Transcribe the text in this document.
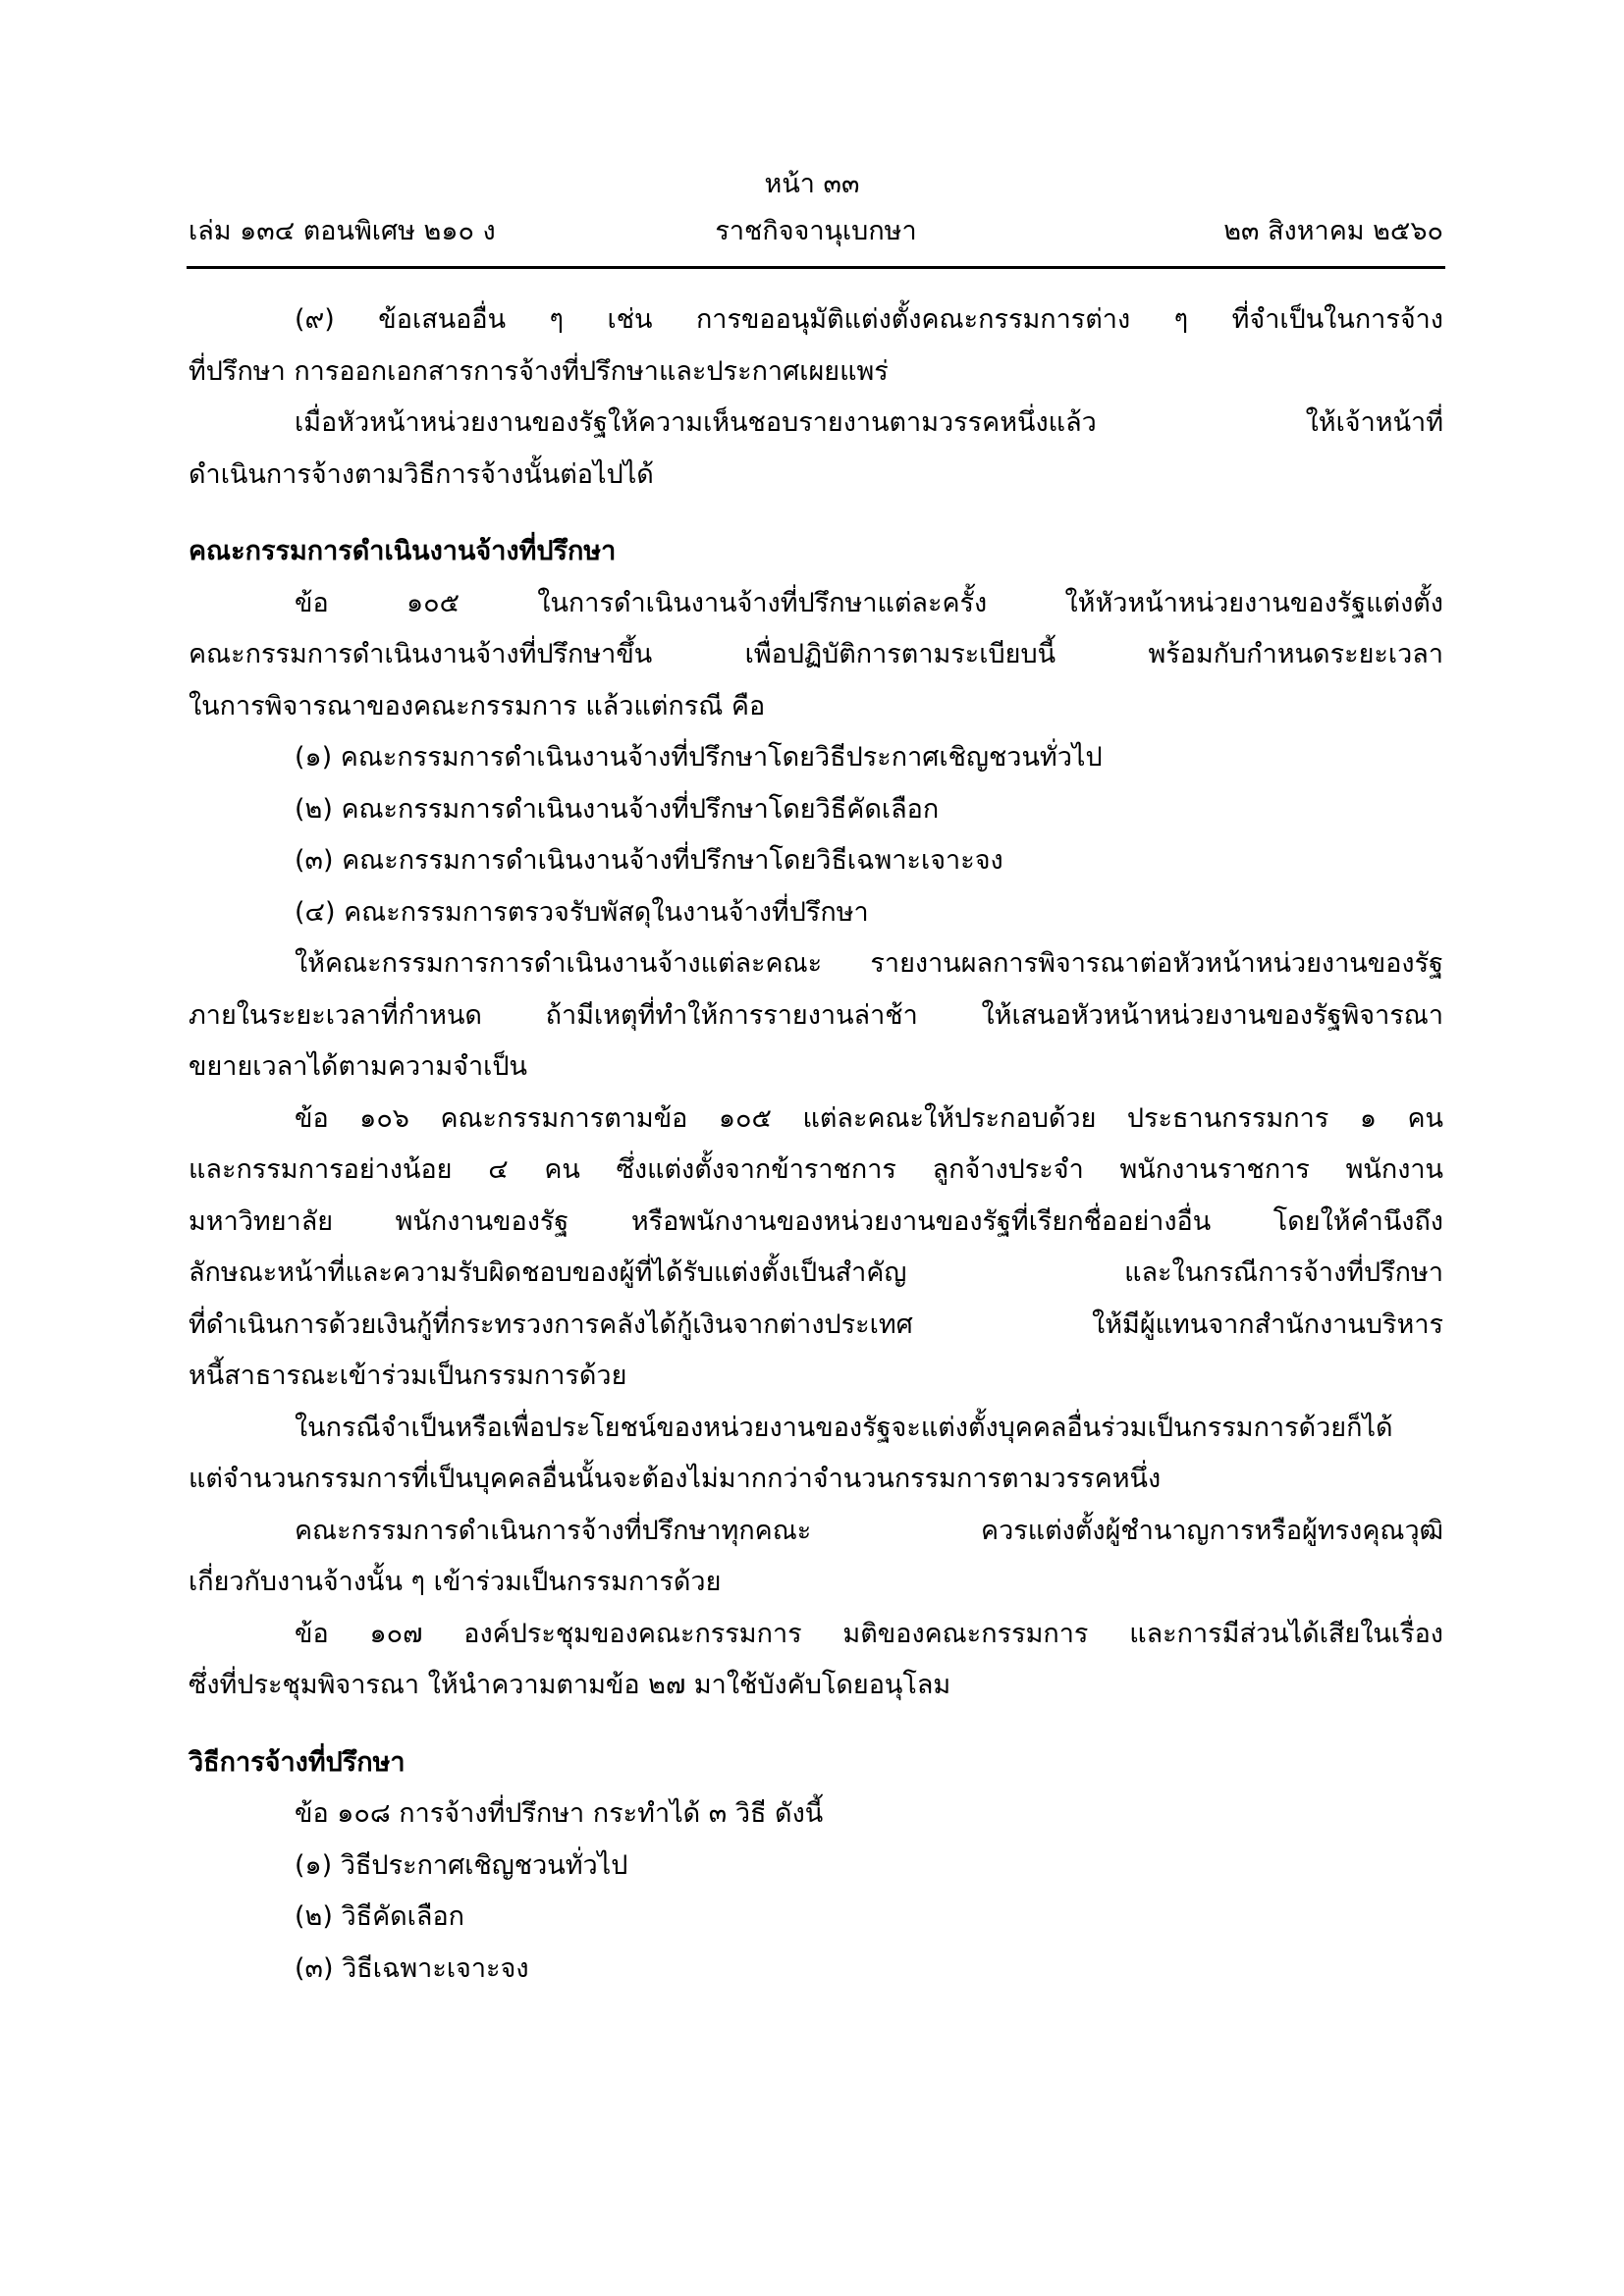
หน้า ๓๓
เล่ม ๑๓๔ ตอนพิเศษ ๒๑๐ ง	ราชกิจจานุเบกษา	๒๓ สิงหาคม ๒๕๖๐

(๙) ข้อเสนออื่น ๆ เช่น การขออนุมัติแต่งตั้งคณะกรรมการต่าง ๆ ที่จำเป็นในการจ้าง

ที่ปรึกษา การออกเอกสารการจ้างที่ปรึกษาและประกาศเผยแพร่

เมื่อหัวหน้าหน่วยงานของรัฐให้ความเห็นชอบรายงานตามวรรคหนึ่งแล้ว ให้เจ้าหน้าที่

ดำเนินการจ้างตามวิธีการจ้างนั้นต่อไปได้

คณะกรรมการดำเนินงานจ้างที่ปรึกษา

ข้อ ๑๐๕ ในการดำเนินงานจ้างที่ปรึกษาแต่ละครั้ง ให้หัวหน้าหน่วยงานของรัฐแต่งตั้ง

คณะกรรมการดำเนินงานจ้างที่ปรึกษาขึ้น เพื่อปฏิบัติการตามระเบียบนี้ พร้อมกับกำหนดระยะเวลา

ในการพิจารณาของคณะกรรมการ แล้วแต่กรณี คือ

(๑) คณะกรรมการดำเนินงานจ้างที่ปรึกษาโดยวิธีประกาศเชิญชวนทั่วไป

(๒) คณะกรรมการดำเนินงานจ้างที่ปรึกษาโดยวิธีคัดเลือก

(๓) คณะกรรมการดำเนินงานจ้างที่ปรึกษาโดยวิธีเฉพาะเจาะจง

(๔) คณะกรรมการตรวจรับพัสดุในงานจ้างที่ปรึกษา

ให้คณะกรรมการการดำเนินงานจ้างแต่ละคณะ รายงานผลการพิจารณาต่อหัวหน้าหน่วยงานของรัฐ

ภายในระยะเวลาที่กำหนด ถ้ามีเหตุที่ทำให้การรายงานล่าช้า ให้เสนอหัวหน้าหน่วยงานของรัฐพิจารณา

ขยายเวลาได้ตามความจำเป็น

ข้อ ๑๐๖ คณะกรรมการตามข้อ ๑๐๕ แต่ละคณะให้ประกอบด้วย ประธานกรรมการ ๑ คน

และกรรมการอย่างน้อย ๔ คน ซึ่งแต่งตั้งจากข้าราชการ ลูกจ้างประจำ พนักงานราชการ พนักงาน

มหาวิทยาลัย พนักงานของรัฐ หรือพนักงานของหน่วยงานของรัฐที่เรียกชื่ออย่างอื่น โดยให้คำนึงถึง

ลักษณะหน้าที่และความรับผิดชอบของผู้ที่ได้รับแต่งตั้งเป็นสำคัญ และในกรณีการจ้างที่ปรึกษา

ที่ดำเนินการด้วยเงินกู้ที่กระทรวงการคลังได้กู้เงินจากต่างประเทศ ให้มีผู้แทนจากสำนักงานบริหาร

หนี้สาธารณะเข้าร่วมเป็นกรรมการด้วย

ในกรณีจำเป็นหรือเพื่อประโยชน์ของหน่วยงานของรัฐจะแต่งตั้งบุคคลอื่นร่วมเป็นกรรมการด้วยก็ได้

แต่จำนวนกรรมการที่เป็นบุคคลอื่นนั้นจะต้องไม่มากกว่าจำนวนกรรมการตามวรรคหนึ่ง

คณะกรรมการดำเนินการจ้างที่ปรึกษาทุกคณะ ควรแต่งตั้งผู้ชำนาญการหรือผู้ทรงคุณวุฒิ

เกี่ยวกับงานจ้างนั้น ๆ เข้าร่วมเป็นกรรมการด้วย

ข้อ ๑๐๗ องค์ประชุมของคณะกรรมการ มติของคณะกรรมการ และการมีส่วนได้เสียในเรื่อง

ซึ่งที่ประชุมพิจารณา ให้นำความตามข้อ ๒๗ มาใช้บังคับโดยอนุโลม

วิธีการจ้างที่ปรึกษา

ข้อ ๑๐๘ การจ้างที่ปรึกษา กระทำได้ ๓ วิธี ดังนี้

(๑) วิธีประกาศเชิญชวนทั่วไป

(๒) วิธีคัดเลือก

(๓) วิธีเฉพาะเจาะจง
